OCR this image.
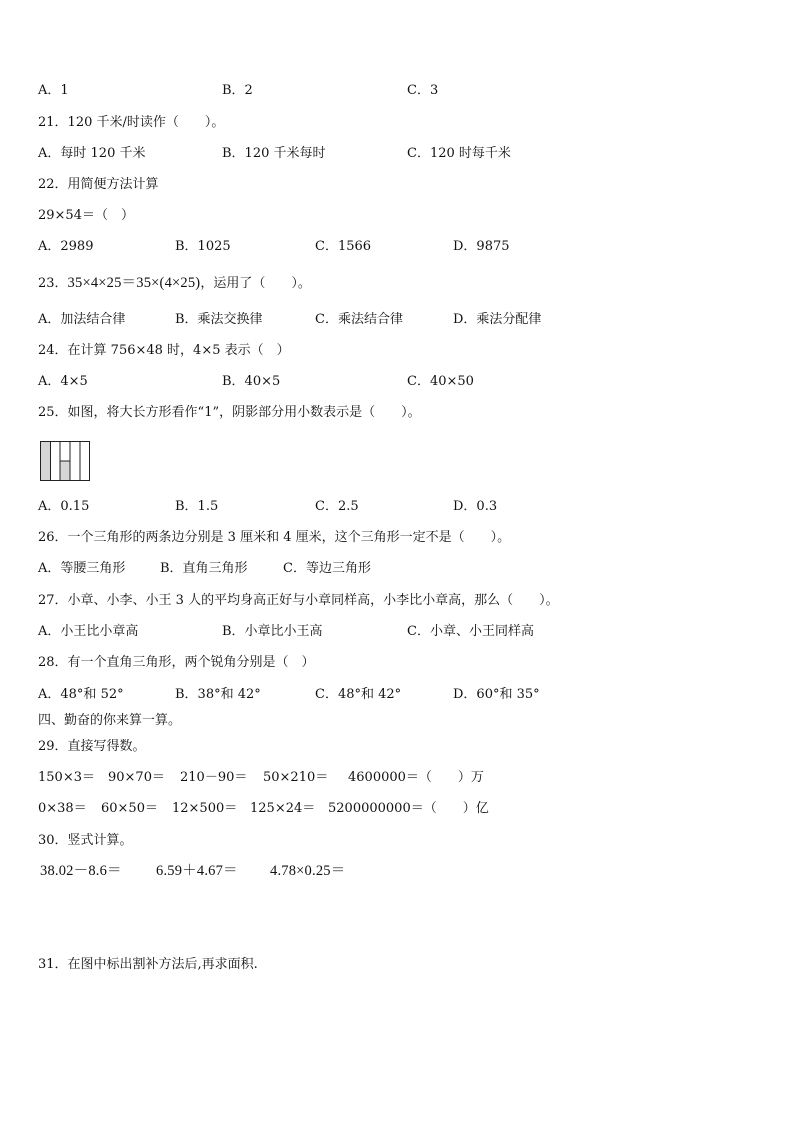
A．1	B．2	C．3
21．120 千米/时读作（　　）。
A．每时 120 千米	B．120 千米每时	C．120 时每千米
22．用简便方法计算
29×54＝（　）
A．2989	B．1025	C．1566	D．9875
23．35×4×25＝35×(4×25)，运用了（　　）。
A．加法结合律	B．乘法交换律	C．乘法结合律	D．乘法分配律
24．在计算 756×48 时，4×5 表示（　）
A．4×5	B．40×5	C．40×50
25．如图，将大长方形看作“1”，阴影部分用小数表示是（　　）。
A．0.15	B．1.5	C．2.5	D．0.3
26．一个三角形的两条边分别是 3 厘米和 4 厘米，这个三角形一定不是（　　）。
A．等腰三角形	B．直角三角形	C．等边三角形
27．小章、小李、小王 3 人的平均身高正好与小章同样高，小李比小章高，那么（　　）。
A．小王比小章高	B．小章比小王高	C．小章、小王同样高
28．有一个直角三角形，两个锐角分别是（　）
A．48°和 52°	B．38°和 42°	C．48°和 42°	D．60°和 35°
四、勤奋的你来算一算。
29．直接写得数。
150×3＝ 90×70＝ 210－90＝ 50×210＝ 4600000＝（　　）万
0×38＝ 60×50＝ 12×500＝ 125×24＝ 5200000000＝（　　）亿
30．竖式计算。
38.02－8.6＝ 6.59＋4.67＝ 4.78×0.25＝
31．在图中标出割补方法后,再求面积.
